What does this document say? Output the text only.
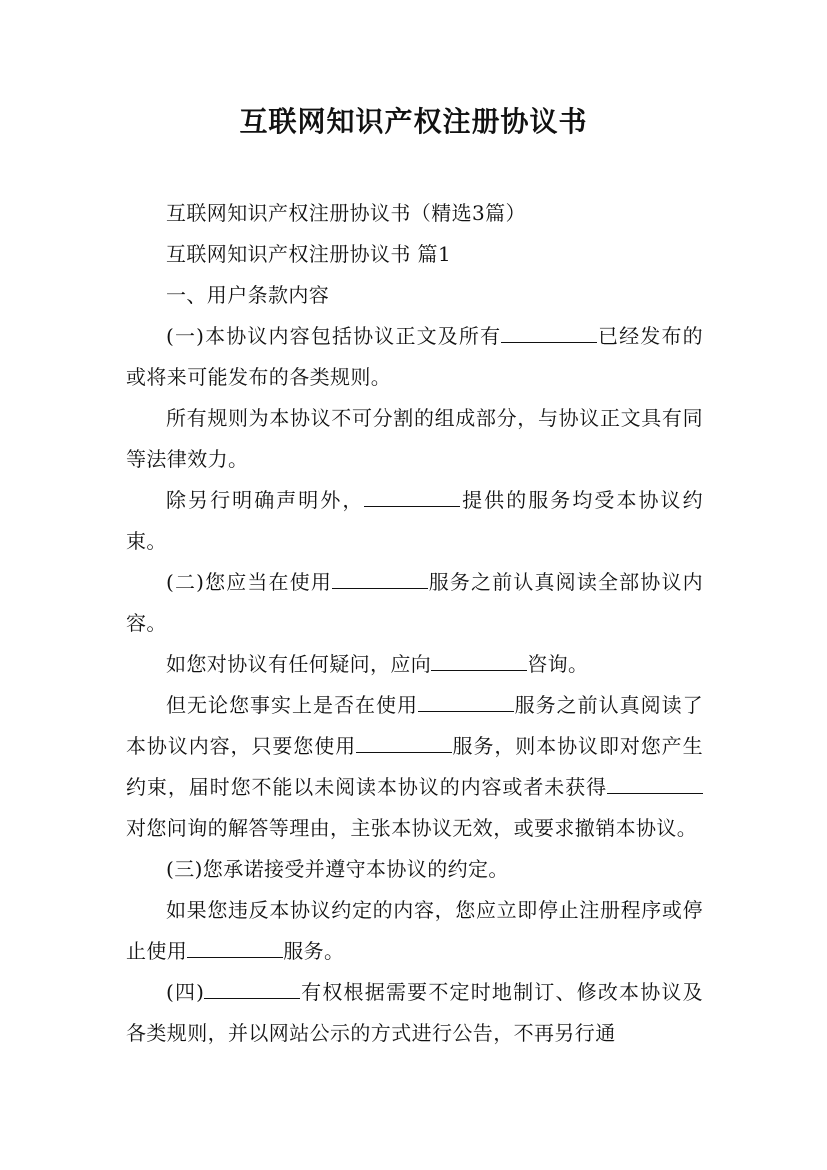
互联网知识产权注册协议书

互联网知识产权注册协议书（精选3篇）

互联网知识产权注册协议书 篇1

一、用户条款内容

(一)本协议内容包括协议正文及所有	已经发布的或将来可能发布的各类规则。

所有规则为本协议不可分割的组成部分，与协议正文具有同等法律效力。

除另行明确声明外，	提供的服务均受本协议约束。

(二)您应当在使用	服务之前认真阅读全部协议内容。

如您对协议有任何疑问，应向	咨询。

但无论您事实上是否在使用	服务之前认真阅读了本协议内容，只要您使用	服务，则本协议即对您产生约束，届时您不能以未阅读本协议的内容或者未获得对您问询的解答等理由，主张本协议无效，或要求撤销本协议。

(三)您承诺接受并遵守本协议的约定。

如果您违反本协议约定的内容，您应立即停止注册程序或停止使用	服务。

(四)	有权根据需要不定时地制订、修改本协议及各类规则，并以网站公示的方式进行公告，不再另行通
